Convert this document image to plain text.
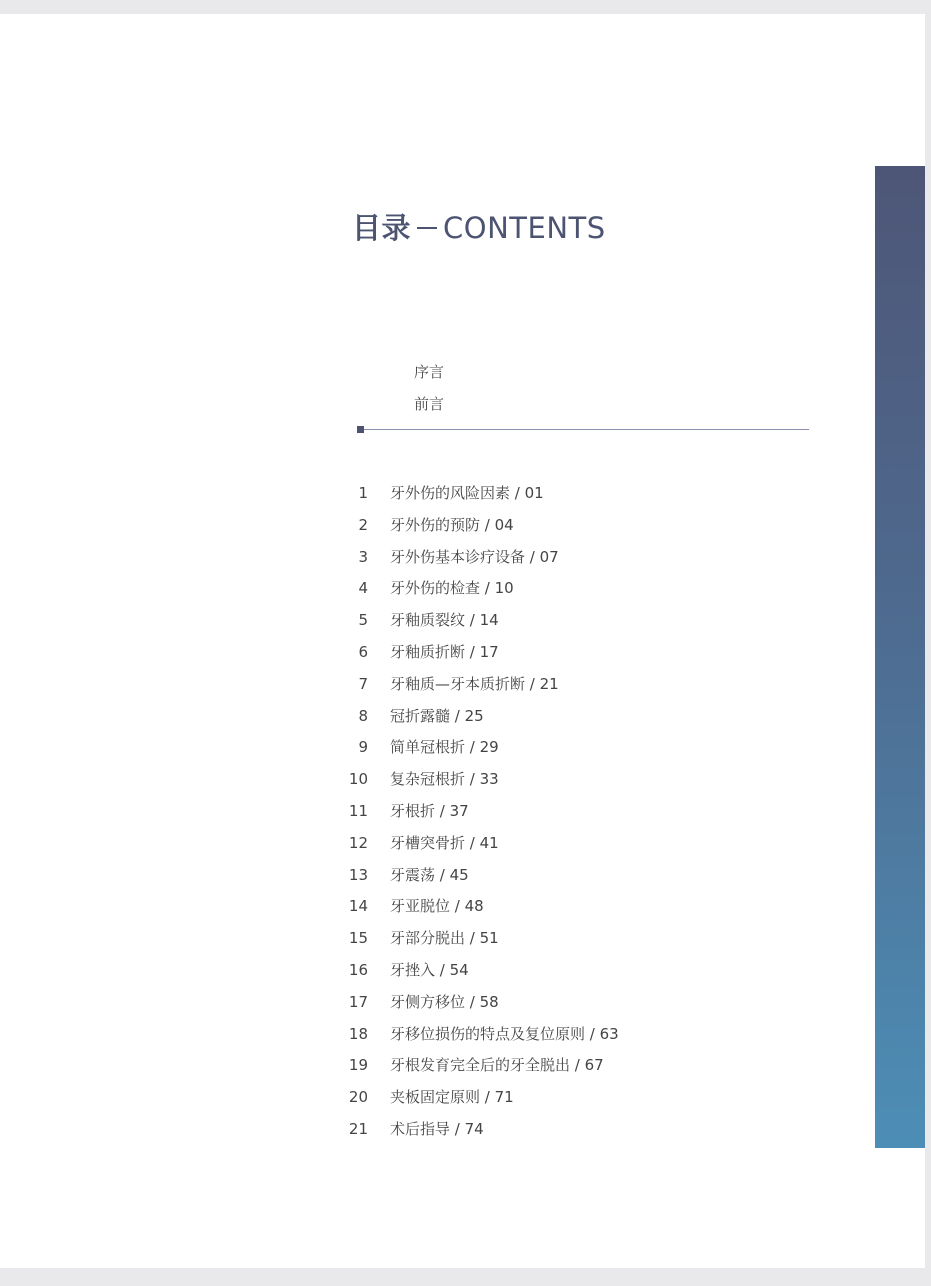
目录 CONTENTS
序言
前言
1 牙外伤的风险因素 / 01
2 牙外伤的预防 / 04
3 牙外伤基本诊疗设备 / 07
4 牙外伤的检查 / 10
5 牙釉质裂纹 / 14
6 牙釉质折断 / 17
7 牙釉质—牙本质折断 / 21
8 冠折露髓 / 25
9 简单冠根折 / 29
10 复杂冠根折 / 33
11 牙根折 / 37
12 牙槽突骨折 / 41
13 牙震荡 / 45
14 牙亚脱位 / 48
15 牙部分脱出 / 51
16 牙挫入 / 54
17 牙侧方移位 / 58
18 牙移位损伤的特点及复位原则 / 63
19 牙根发育完全后的牙全脱出 / 67
20 夹板固定原则 / 71
21 术后指导 / 74
